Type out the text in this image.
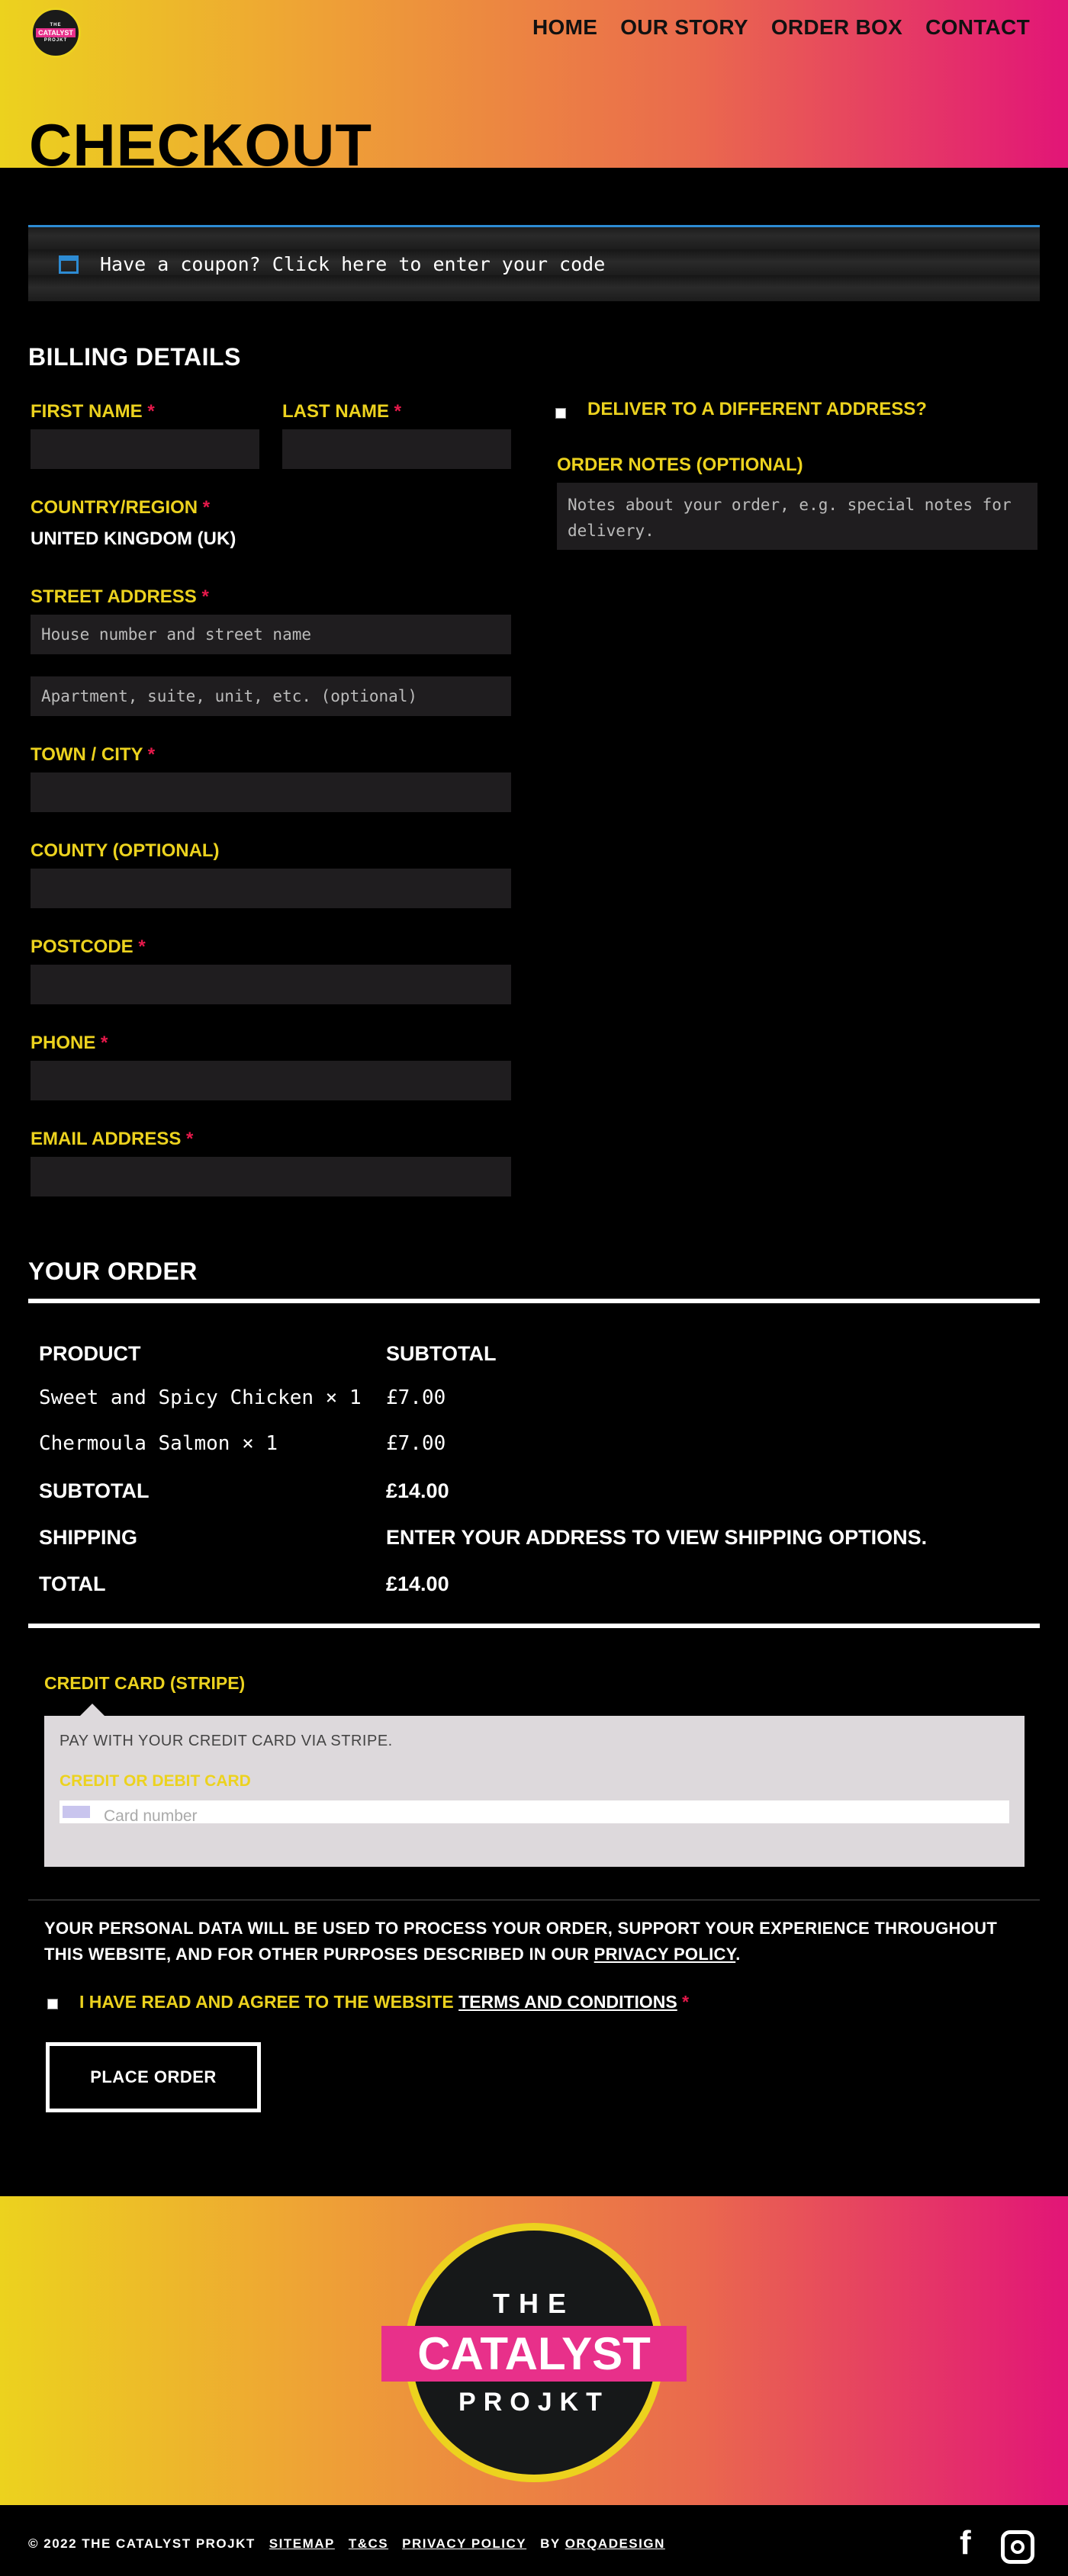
THE
CATALYST
PROJKT
HOME OUR STORY ORDER BOX CONTACT
CHECKOUT
Have a coupon? Click here to enter your code
BILLING DETAILS
FIRST NAME *	LAST NAME *
COUNTRY/REGION *
UNITED KINGDOM (UK)
STREET ADDRESS *
House number and street name
Apartment, suite, unit, etc. (optional)
TOWN / CITY *
COUNTY (OPTIONAL)
POSTCODE *
PHONE *
EMAIL ADDRESS *
DELIVER TO A DIFFERENT ADDRESS?
ORDER NOTES (OPTIONAL)
Notes about your order, e.g. special notes for delivery.
YOUR ORDER
PRODUCT	SUBTOTAL
Sweet and Spicy Chicken × 1 £7.00
Chermoula Salmon × 1	£7.00
SUBTOTAL	£14.00
SHIPPING	ENTER YOUR ADDRESS TO VIEW SHIPPING OPTIONS.
TOTAL	£14.00
CREDIT CARD (STRIPE)
PAY WITH YOUR CREDIT CARD VIA STRIPE.
CREDIT OR DEBIT CARD
Card number
YOUR PERSONAL DATA WILL BE USED TO PROCESS YOUR ORDER, SUPPORT YOUR EXPERIENCE THROUGHOUT THIS WEBSITE, AND FOR OTHER PURPOSES DESCRIBED IN OUR PRIVACY POLICY.
I HAVE READ AND AGREE TO THE WEBSITE TERMS AND CONDITIONS *
PLACE ORDER
THE
CATALYST
PROJKT
© 2022 THE CATALYST PROJKT SITEMAP T&CS PRIVACY POLICY BY ORQADESIGN	f
